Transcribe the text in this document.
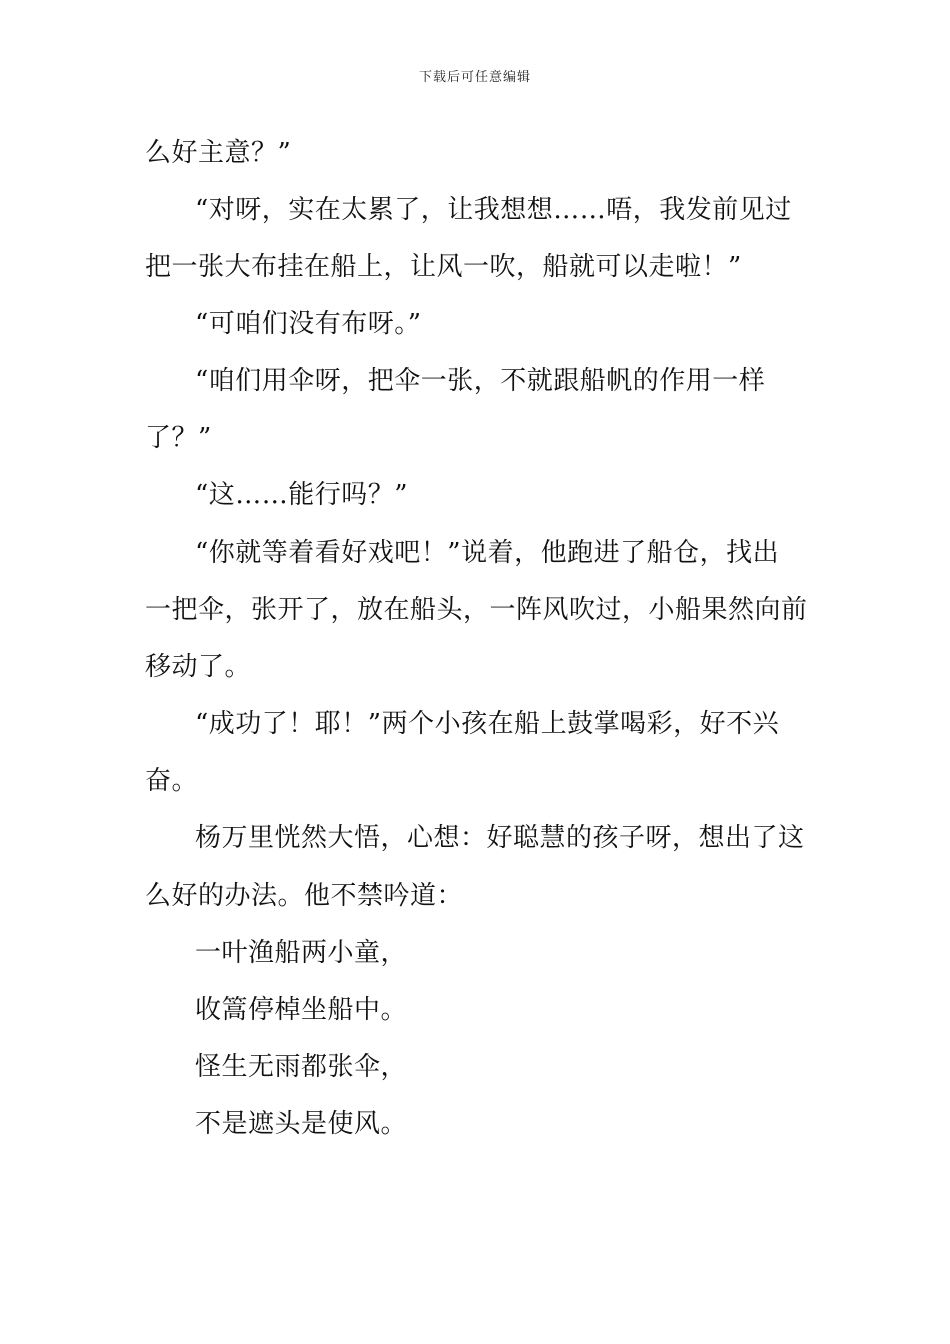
下载后可任意编辑
么好主意？”
“对呀，实在太累了，让我想想……唔，我发前见过
把一张大布挂在船上，让风一吹，船就可以走啦！”
“可咱们没有布呀。”
“咱们用伞呀，把伞一张，不就跟船帆的作用一样
了？”
“这……能行吗？”
“你就等着看好戏吧！”说着，他跑进了船仓，找出
一把伞，张开了，放在船头，一阵风吹过，小船果然向前
移动了。
“成功了！耶！”两个小孩在船上鼓掌喝彩，好不兴
奋。
杨万里恍然大悟，心想：好聪慧的孩子呀，想出了这
么好的办法。他不禁吟道：
一叶渔船两小童，
收篙停棹坐船中。
怪生无雨都张伞，
不是遮头是使风。
